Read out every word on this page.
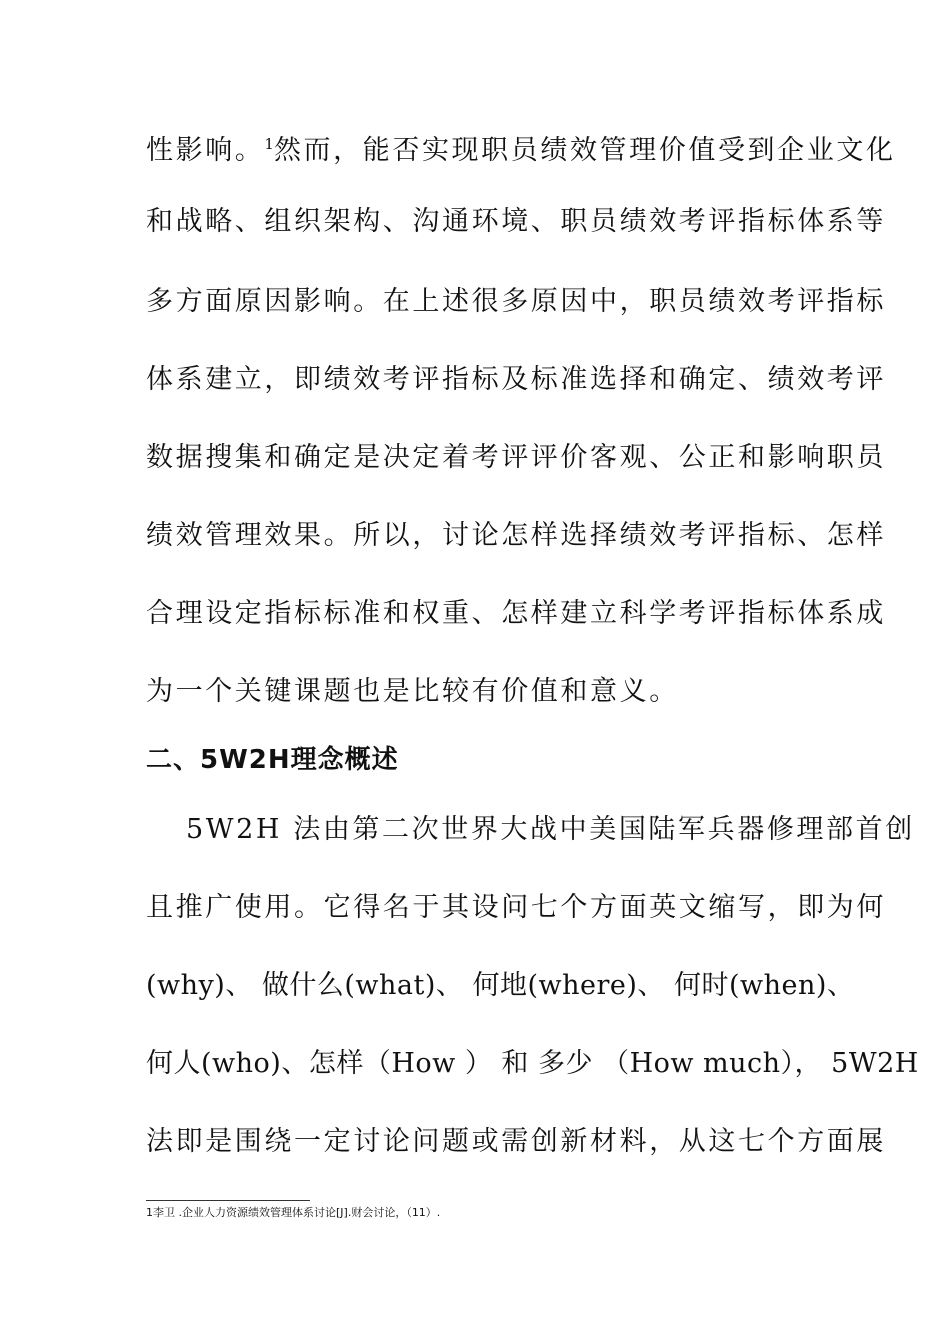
性影响。$^1$然而，能否实现职员绩效管理价值受到企业文化
和战略、组织架构、沟通环境、职员绩效考评指标体系等
多方面原因影响。在上述很多原因中，职员绩效考评指标
体系建立，即绩效考评指标及标准选择和确定、绩效考评
数据搜集和确定是决定着考评评价客观、公正和影响职员
绩效管理效果。所以，讨论怎样选择绩效考评指标、怎样
合理设定指标标准和权重、怎样建立科学考评指标体系成
为一个关键课题也是比较有价值和意义。
二、5W2H理念概述
5W2H 法由第二次世界大战中美国陆军兵器修理部首创
且推广使用。它得名于其设问七个方面英文缩写，即为何
(why)、 做什么(what)、 何地(where)、 何时(when)、
何人(who)、怎样（How ） 和 多少 （How much）， 5W2H
法即是围绕一定讨论问题或需创新材料，从这七个方面展
1李卫 .企业人力资源绩效管理体系讨论[J].财会讨论，（11）.
